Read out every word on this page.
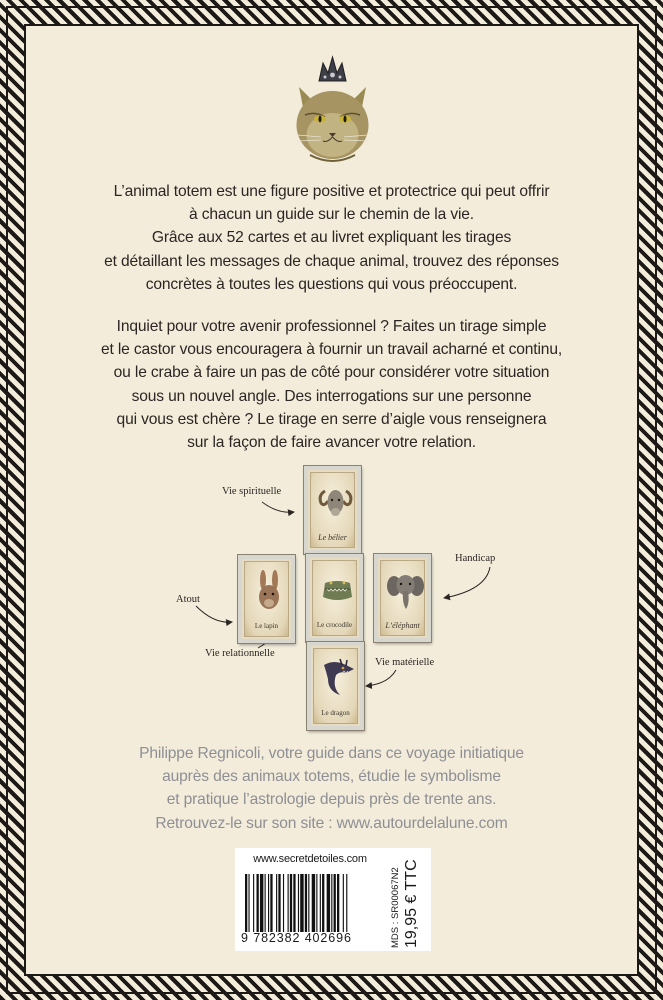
L’animal totem est une figure positive et protectrice qui peut offrir
à chacun un guide sur le chemin de la vie.
Grâce aux 52 cartes et au livret expliquant les tirages
et détaillant les messages de chaque animal, trouvez des réponses
concrètes à toutes les questions qui vous préoccupent.
Inquiet pour votre avenir professionnel ? Faites un tirage simple
et le castor vous encouragera à fournir un travail acharné et continu,
ou le crabe à faire un pas de côté pour considérer votre situation
sous un nouvel angle. Des interrogations sur une personne
qui vous est chère ? Le tirage en serre d’aigle vous renseignera
sur la façon de faire avancer votre relation.
Le bélier
Le lapin	Le crocodile	L’éléphant
Le dragon
Vie spirituelle
Atout
Handicap
Vie relationnelle
Vie matérielle
Philippe Regnicoli, votre guide dans ce voyage initiatique
auprès des animaux totems, étudie le symbolisme
et pratique l’astrologie depuis près de trente ans.
Retrouvez-le sur son site : www.autourdelalune.com
www.secretdetoiles.com
9 782382 402696	MDS : SR00067N2 19,95 € TTC
